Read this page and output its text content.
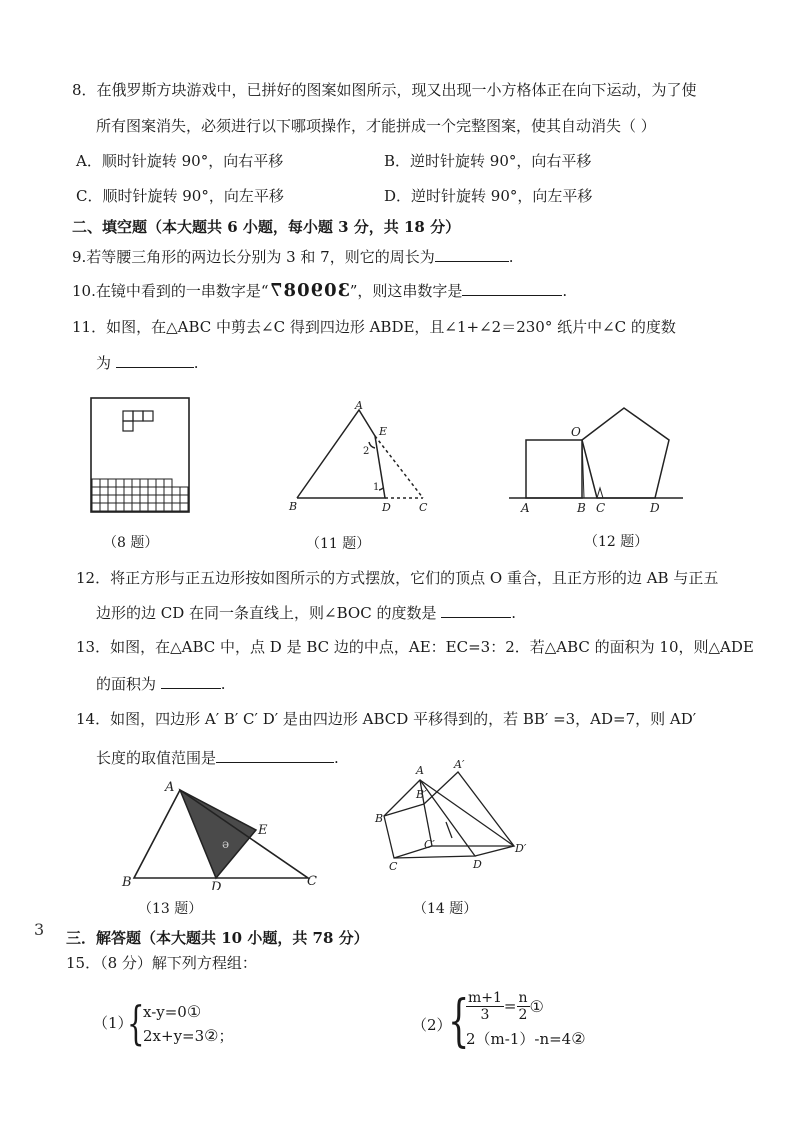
8．在俄罗斯方块游戏中，已拼好的图案如图所示，现又出现一小方格体正在向下运动，为了使
所有图案消失，必须进行以下哪项操作，才能拼成一个完整图案，使其自动消失（ ）
A．顺时针旋转 90°，向右平移	B．逆时针旋转 90°，向右平移
C．顺时针旋转 90°，向左平移	D．逆时针旋转 90°，向左平移
二、填空题（本大题共 6 小题，每小题 3 分，共 18 分）
9.若等腰三角形的两边长分别为 3 和 7，则它的周长为	.
10.在镜中看到的一串数字是“309087”，则这串数字是	.
11．如图，在△ABC 中剪去∠C 得到四边形 ABDE，且∠1+∠2＝230° 纸片中∠C 的度数
为	.
（8 题）
A
E
B	D	C
2
1
（11 题）
O
A	B C	D
（12 题）
12．将正方形与正五边形按如图所示的方式摆放，它们的顶点 O 重合，且正方形的边 AB 与正五
边形的边 CD 在同一条直线上，则∠BOC 的度数是	.
13．如图，在△ABC 中，点 D 是 BC 边的中点，AE：EC=3：2．若△ABC 的面积为 10，则△ADE
的面积为	.
14．如图，四边形 A′ B′ C′ D′ 是由四边形 ABCD 平移得到的，若 BB′ =3，AD=7，则 AD′
长度的取值范围是	.
ə
A
E
B	D	C
（13 题）
A	A′
B′
B
C′
C	D
D′
（14 题）
3 三．解答题（本大题共 10 小题，共 78 分）
15．（8 分）解下列方程组：
（1）
{
x-y=0①
2x+y=3②；
（2）
{
$\frac{m+1}{3} = \frac{n}{2}$ ①
2（m-1）-n=4②
